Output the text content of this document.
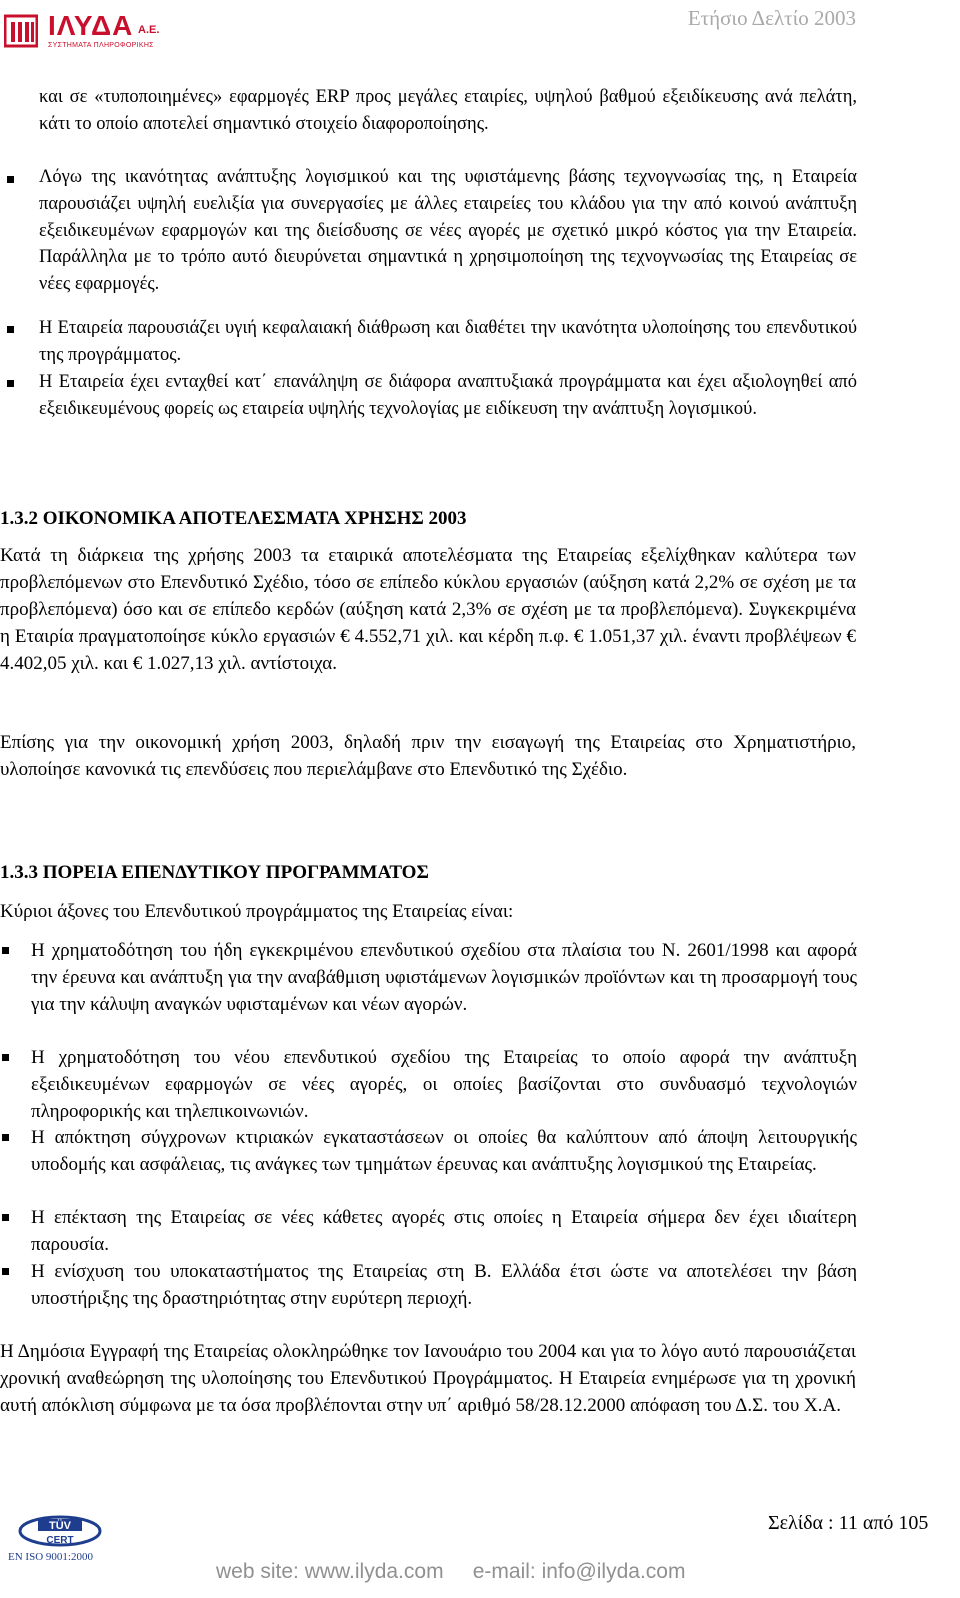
ΙΛΥΔΑ Α.Ε.
ΣΥΣΤΗΜΑΤΑ ΠΛΗΡΟΦΟΡΙΚΗΣ
Ετήσιο Δελτίο 2003
και σε «τυποποιημένες» εφαρμογές ERP προς μεγάλες εταιρίες, υψηλού βαθμού εξειδίκευσης ανά πελάτη, κάτι το οποίο αποτελεί σημαντικό στοιχείο διαφοροποίησης.
Λόγω της ικανότητας ανάπτυξης λογισμικού και της υφιστάμενης βάσης τεχνογνωσίας της, η Εταιρεία παρουσιάζει υψηλή ευελιξία για συνεργασίες με άλλες εταιρείες του κλάδου για την από κοινού ανάπτυξη εξειδικευμένων εφαρμογών και της διείσδυσης σε νέες αγορές με σχετικό μικρό κόστος για την Εταιρεία. Παράλληλα με το τρόπο αυτό διευρύνεται σημαντικά η χρησιμοποίηση της τεχνογνωσίας της Εταιρείας σε νέες εφαρμογές.
Η Εταιρεία παρουσιάζει υγιή κεφαλαιακή διάθρωση και διαθέτει την ικανότητα υλοποίησης του επενδυτικού της προγράμματος.
Η Εταιρεία έχει ενταχθεί κατ΄ επανάληψη σε διάφορα αναπτυξιακά προγράμματα και έχει αξιολογηθεί από εξειδικευμένους φορείς ως εταιρεία υψηλής τεχνολογίας με ειδίκευση την ανάπτυξη λογισμικού.
1.3.2 ΟΙΚΟΝΟΜΙΚΑ ΑΠΟΤΕΛΕΣΜΑΤΑ ΧΡΗΣΗΣ 2003
Κατά τη διάρκεια της χρήσης 2003 τα εταιρικά αποτελέσματα της Εταιρείας εξελίχθηκαν καλύτερα των προβλεπόμενων στο Επενδυτικό Σχέδιο, τόσο σε επίπεδο κύκλου εργασιών (αύξηση κατά 2,2% σε σχέση με τα προβλεπόμενα) όσο και σε επίπεδο κερδών (αύξηση κατά 2,3% σε σχέση με τα προβλεπόμενα). Συγκεκριμένα η Εταιρία πραγματοποίησε κύκλο εργασιών € 4.552,71 χιλ. και κέρδη π.φ. € 1.051,37 χιλ. έναντι προβλέψεων € 4.402,05 χιλ. και € 1.027,13 χιλ. αντίστοιχα.
Επίσης για την οικονομική χρήση 2003, δηλαδή πριν την εισαγωγή της Εταιρείας στο Χρηματιστήριο, υλοποίησε κανονικά τις επενδύσεις που περιελάμβανε στο Επενδυτικό της Σχέδιο.
1.3.3 ΠΟΡΕΙΑ ΕΠΕΝΔΥΤΙΚΟΥ ΠΡΟΓΡΑΜΜΑΤΟΣ
Κύριοι άξονες του Επενδυτικού προγράμματος της Εταιρείας είναι:
Η χρηματοδότηση του ήδη εγκεκριμένου επενδυτικού σχεδίου στα πλαίσια του Ν. 2601/1998 και αφορά την έρευνα και ανάπτυξη για την αναβάθμιση υφιστάμενων λογισμικών προϊόντων και τη προσαρμογή τους για την κάλυψη αναγκών υφισταμένων και νέων αγορών.
Η χρηματοδότηση του νέου επενδυτικού σχεδίου της Εταιρείας το οποίο αφορά την ανάπτυξη εξειδικευμένων εφαρμογών σε νέες αγορές, οι οποίες βασίζονται στο συνδυασμό τεχνολογιών πληροφορικής και τηλεπικοινωνιών.
Η απόκτηση σύγχρονων κτιριακών εγκαταστάσεων οι οποίες θα καλύπτουν από άποψη λειτουργικής υποδομής και ασφάλειας, τις ανάγκες των τμημάτων έρευνας και ανάπτυξης λογισμικού της Εταιρείας.
Η επέκταση της Εταιρείας σε νέες κάθετες αγορές στις οποίες η Εταιρεία σήμερα δεν έχει ιδιαίτερη παρουσία.
Η ενίσχυση του υποκαταστήματος της Εταιρείας στη Β. Ελλάδα έτσι ώστε να αποτελέσει την βάση υποστήριξης της δραστηριότητας στην ευρύτερη περιοχή.
Η Δημόσια Εγγραφή της Εταιρείας ολοκληρώθηκε τον Ιανουάριο του 2004 και για το λόγο αυτό παρουσιάζεται χρονική αναθεώρηση της υλοποίησης του Επενδυτικού Προγράμματος. Η Εταιρεία ενημέρωσε για τη χρονική αυτή απόκλιση σύμφωνα με τα όσα προβλέπονται στην υπ΄ αριθμό 58/28.12.2000 απόφαση του Δ.Σ. του Χ.Α.
TÜV
CERT
EN ISO 9001:2000
Σελίδα : 11 από 105
web site: www.ilyda.com     e-mail: info@ilyda.com
